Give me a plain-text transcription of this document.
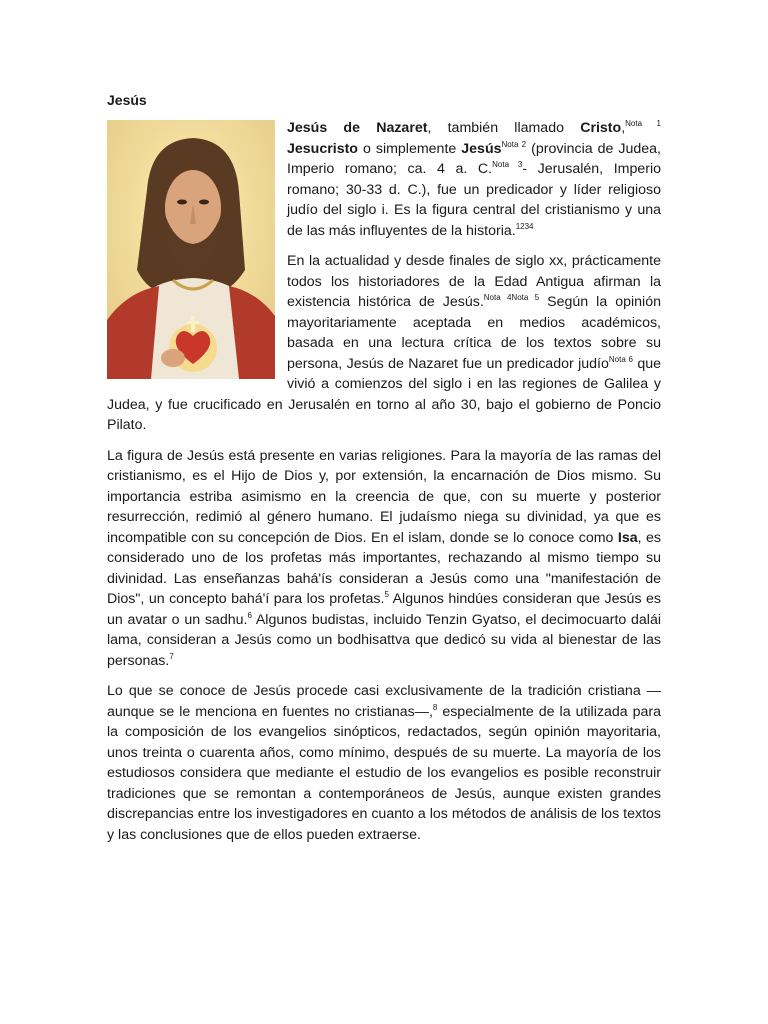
Jesús
Jesús de Nazaret, también llamado Cristo,$^{Nota 1}$ Jesucristo o simplemente Jesús$^{Nota 2}$ (provincia de Judea, Imperio romano; ca. 4 a. C.$^{Nota 3}$- Jerusalén, Imperio romano; 30-33 d. C.), fue un predicador y líder religioso judío del siglo i. Es la figura central del cristianismo y una de las más influyentes de la historia.$^{1234}$
En la actualidad y desde finales de siglo xx, prácticamente todos los historiadores de la Edad Antigua afirman la existencia histórica de Jesús.$^{Nota 4Nota 5}$ Según la opinión mayoritariamente aceptada en medios académicos, basada en una lectura crítica de los textos sobre su persona, Jesús de Nazaret fue un predicador judío$^{Nota 6}$ que vivió a comienzos del siglo i en las regiones de Galilea y Judea, y fue crucificado en Jerusalén en torno al año 30, bajo el gobierno de Poncio Pilato.
La figura de Jesús está presente en varias religiones. Para la mayoría de las ramas del cristianismo, es el Hijo de Dios y, por extensión, la encarnación de Dios mismo. Su importancia estriba asimismo en la creencia de que, con su muerte y posterior resurrección, redimió al género humano. El judaísmo niega su divinidad, ya que es incompatible con su concepción de Dios. En el islam, donde se lo conoce como Isa, es considerado uno de los profetas más importantes, rechazando al mismo tiempo su divinidad. Las enseñanzas bahá'ís consideran a Jesús como una "manifestación de Dios", un concepto bahá'í para los profetas.$^5$ Algunos hindúes consideran que Jesús es un avatar o un sadhu.$^6$ Algunos budistas, incluido Tenzin Gyatso, el decimocuarto dalái lama, consideran a Jesús como un bodhisattva que dedicó su vida al bienestar de las personas.$^7$
Lo que se conoce de Jesús procede casi exclusivamente de la tradición cristiana —aunque se le menciona en fuentes no cristianas—,$^8$ especialmente de la utilizada para la composición de los evangelios sinópticos, redactados, según opinión mayoritaria, unos treinta o cuarenta años, como mínimo, después de su muerte. La mayoría de los estudiosos considera que mediante el estudio de los evangelios es posible reconstruir tradiciones que se remontan a contemporáneos de Jesús, aunque existen grandes discrepancias entre los investigadores en cuanto a los métodos de análisis de los textos y las conclusiones que de ellos pueden extraerse.
